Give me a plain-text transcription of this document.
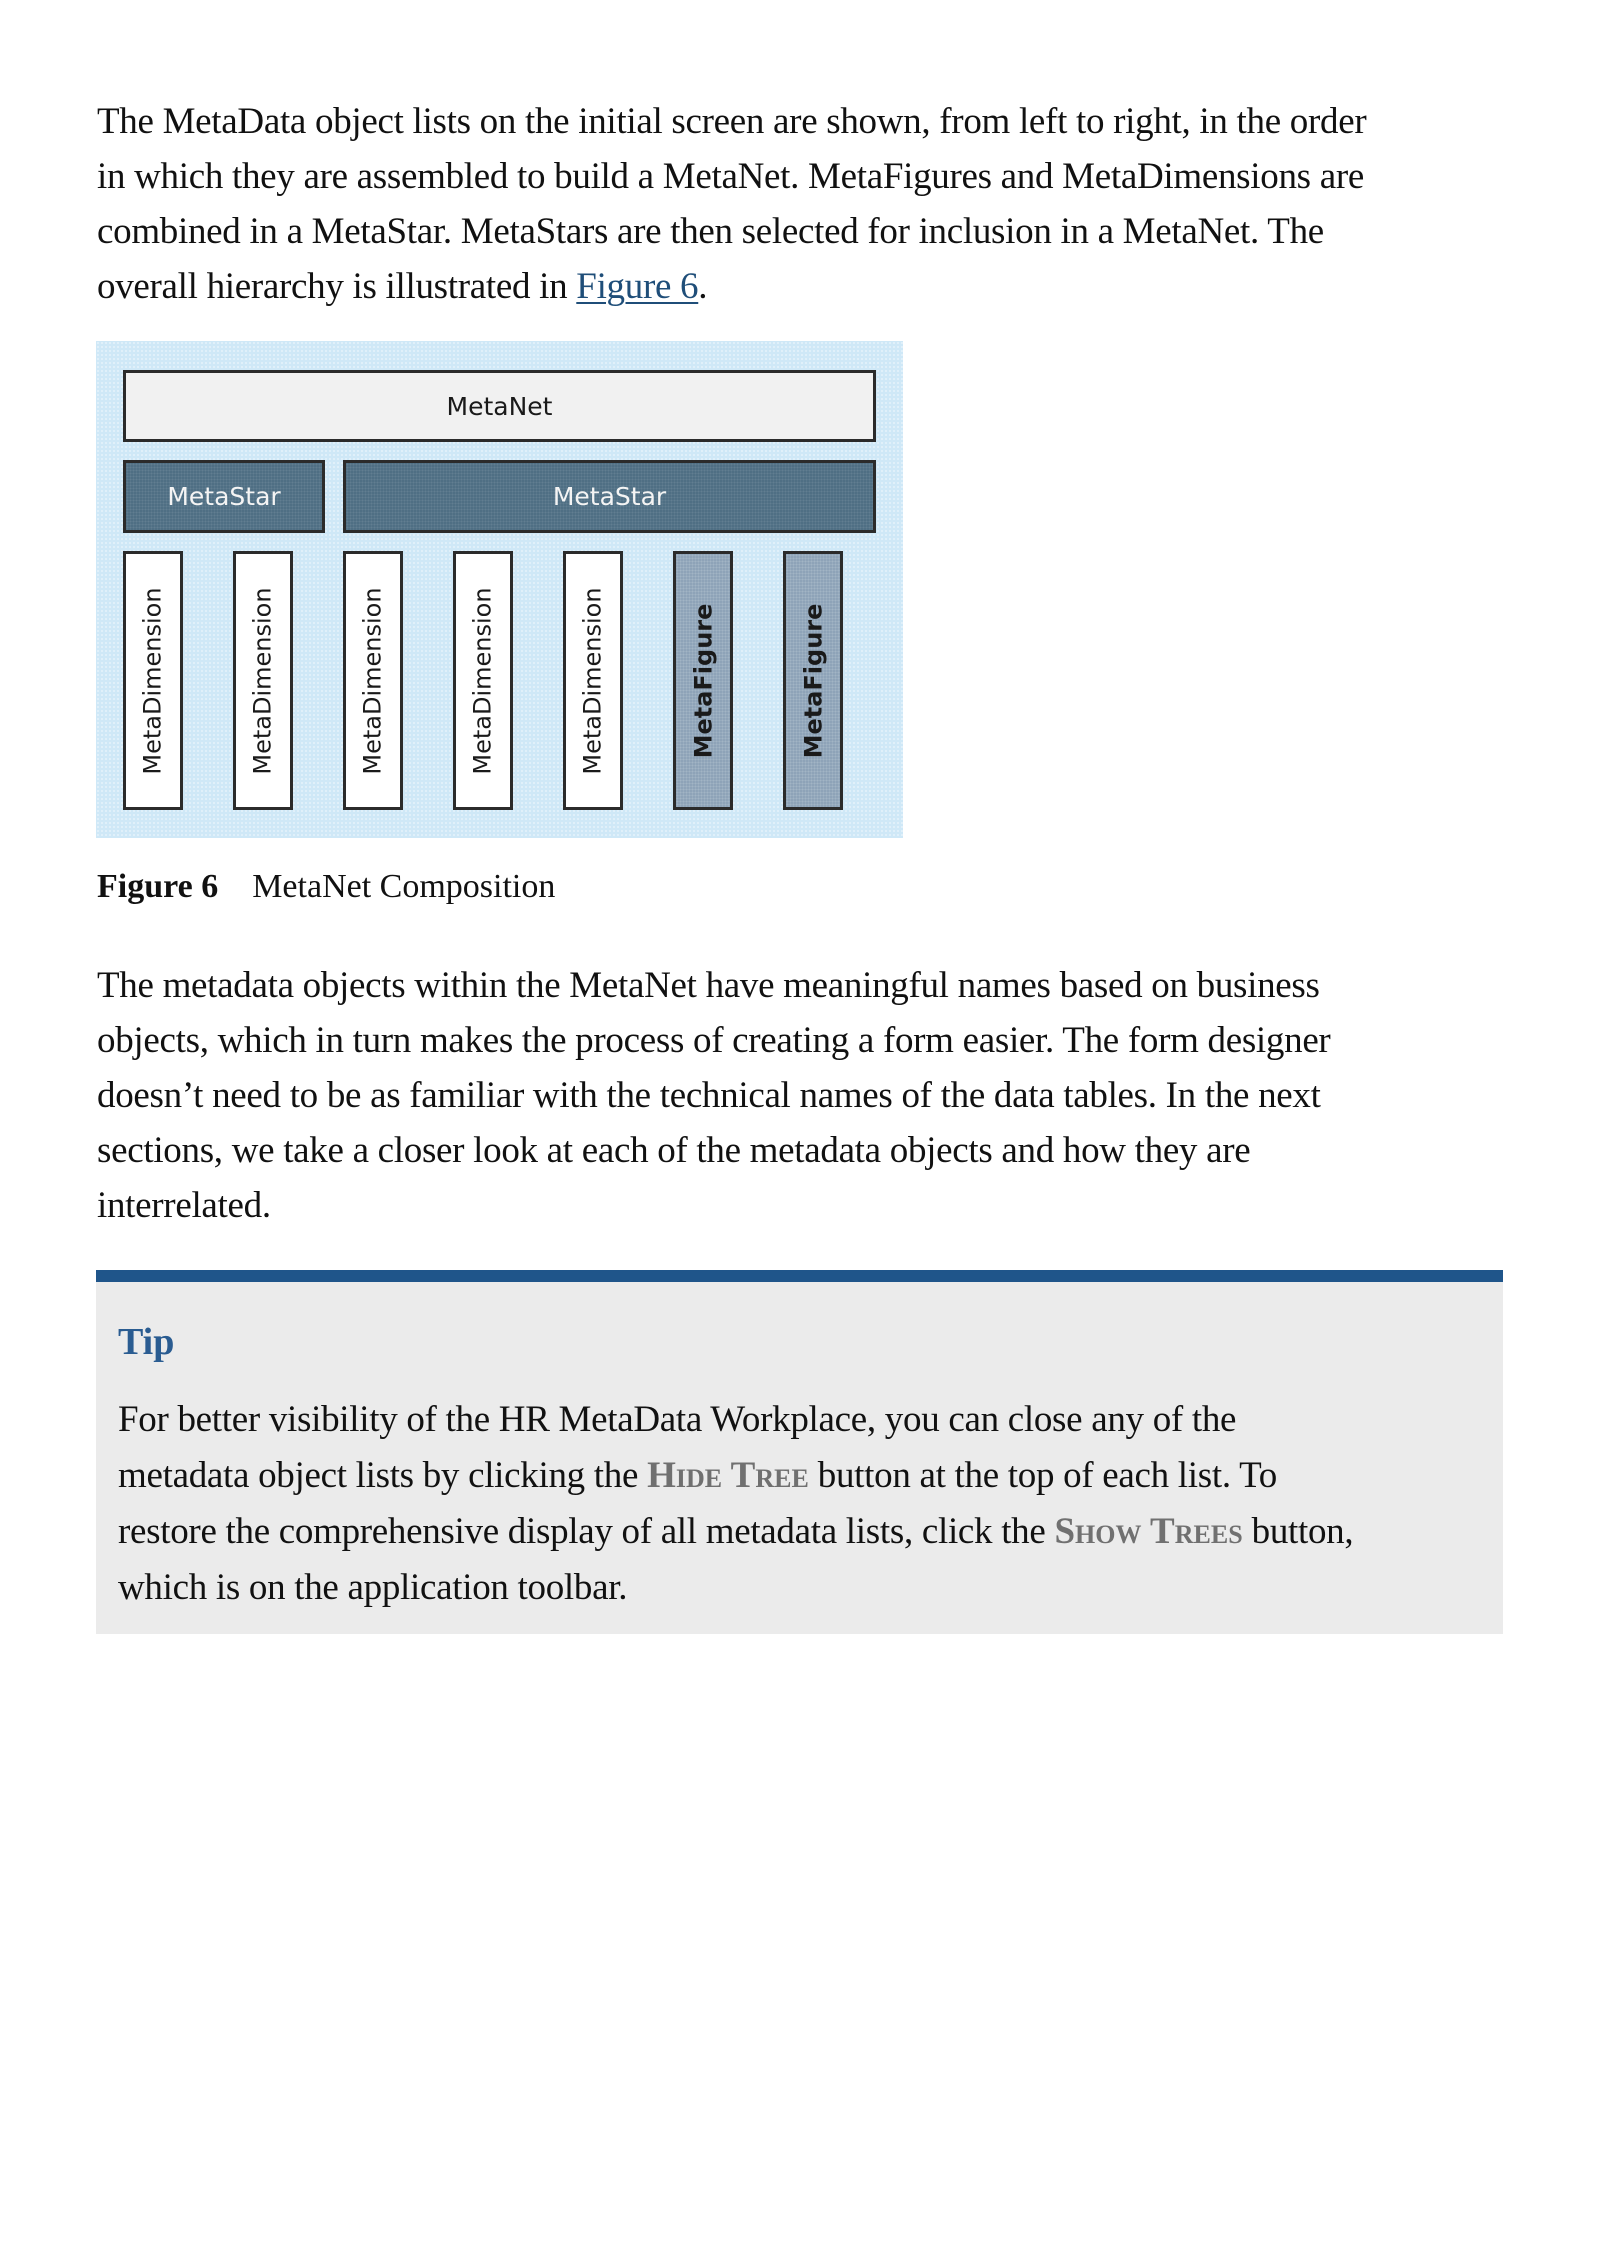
The MetaData object lists on the initial screen are shown, from left to right, in the order
in which they are assembled to build a MetaNet. MetaFigures and MetaDimensions are
combined in a MetaStar. MetaStars are then selected for inclusion in a MetaNet. The
overall hierarchy is illustrated in Figure 6.
MetaNet
MetaStar	MetaStar
MetaDimension	MetaDimension	MetaDimension	MetaDimension	MetaDimension	MetaFigure	MetaFigure
Figure 6 MetaNet Composition
The metadata objects within the MetaNet have meaningful names based on business
objects, which in turn makes the process of creating a form easier. The form designer
doesn’t need to be as familiar with the technical names of the data tables. In the next
sections, we take a closer look at each of the metadata objects and how they are
interrelated.
Tip
For better visibility of the HR MetaData Workplace, you can close any of the
metadata object lists by clicking the Hide Tree button at the top of each list. To
restore the comprehensive display of all metadata lists, click the Show Trees button,
which is on the application toolbar.
